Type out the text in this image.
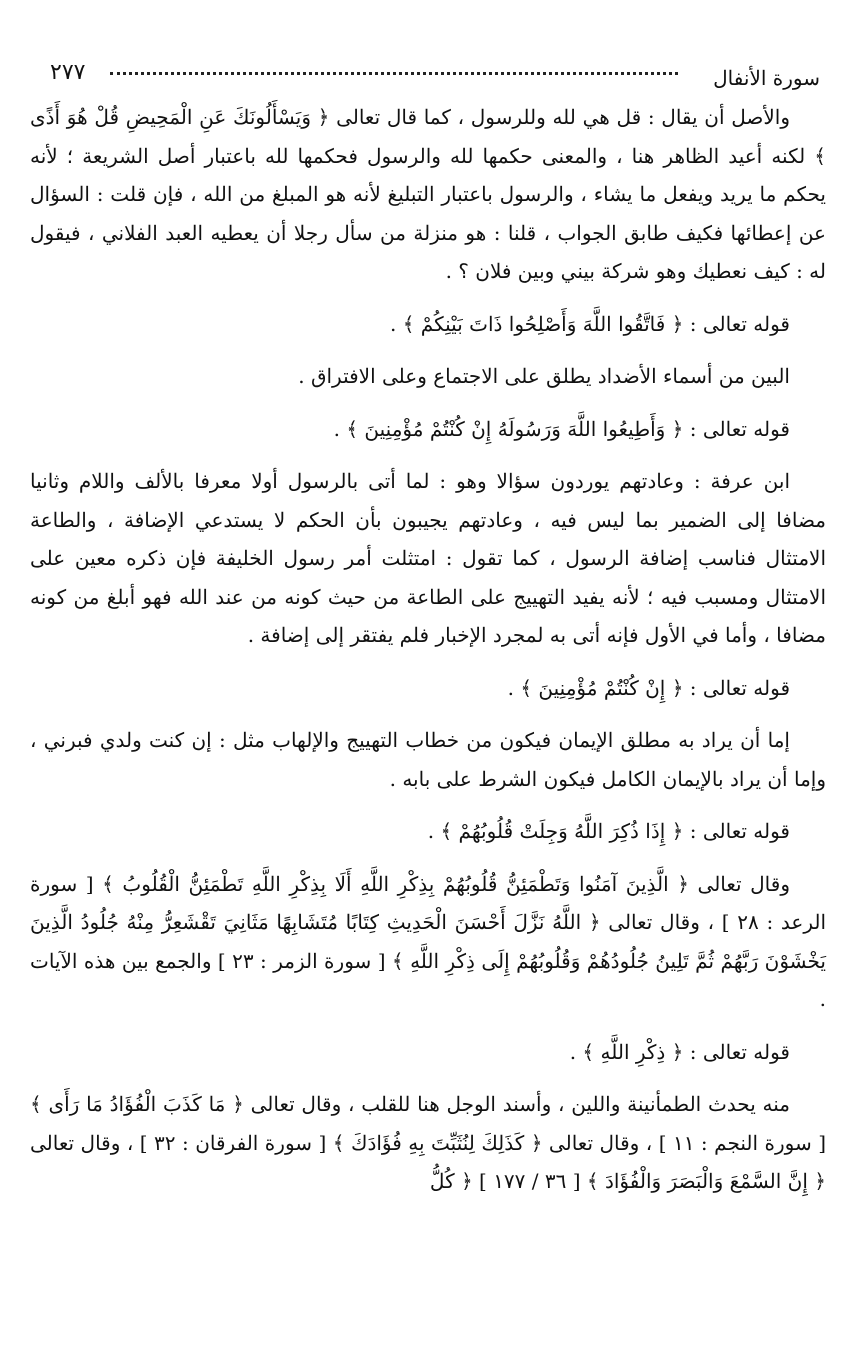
سورة الأنفال
٢٧٧

والأصل أن يقال : قل هي لله وللرسول ، كما قال تعالى ﴿ وَيَسْأَلُونَكَ عَنِ الْمَحِيضِ قُلْ هُوَ أَذًى ﴾ لكنه أعيد الظاهر هنا ، والمعنى حكمها لله والرسول فحكمها لله باعتبار أصل الشريعة ؛ لأنه يحكم ما يريد ويفعل ما يشاء ، والرسول باعتبار التبليغ لأنه هو المبلغ من الله ، فإن قلت : السؤال عن إعطائها فكيف طابق الجواب ، قلنا : هو منزلة من سأل رجلا أن يعطيه العبد الفلاني ، فيقول له : كيف نعطيك وهو شركة بيني وبين فلان ؟ .

قوله تعالى : ﴿ فَاتَّقُوا اللَّهَ وَأَصْلِحُوا ذَاتَ بَيْنِكُمْ ﴾ .

البين من أسماء الأضداد يطلق على الاجتماع وعلى الافتراق .

قوله تعالى : ﴿ وَأَطِيعُوا اللَّهَ وَرَسُولَهُ إِنْ كُنْتُمْ مُؤْمِنِينَ ﴾ .

ابن عرفة : وعادتهم يوردون سؤالا وهو : لما أتى بالرسول أولا معرفا بالألف واللام وثانيا مضافا إلى الضمير بما ليس فيه ، وعادتهم يجيبون بأن الحكم لا يستدعي الإضافة ، والطاعة الامتثال فناسب إضافة الرسول ، كما تقول : امتثلت أمر رسول الخليفة فإن ذكره معين على الامتثال ومسبب فيه ؛ لأنه يفيد التهييج على الطاعة من حيث كونه من عند الله فهو أبلغ من كونه مضافا ، وأما في الأول فإنه أتى به لمجرد الإخبار فلم يفتقر إلى إضافة .

قوله تعالى : ﴿ إِنْ كُنْتُمْ مُؤْمِنِينَ ﴾ .

إما أن يراد به مطلق الإيمان فيكون من خطاب التهييج والإلهاب مثل : إن كنت ولدي فبرني ، وإما أن يراد بالإيمان الكامل فيكون الشرط على بابه .

قوله تعالى : ﴿ إِذَا ذُكِرَ اللَّهُ وَجِلَتْ قُلُوبُهُمْ ﴾ .

وقال تعالى ﴿ الَّذِينَ آمَنُوا وَتَطْمَئِنُّ قُلُوبُهُمْ بِذِكْرِ اللَّهِ أَلَا بِذِكْرِ اللَّهِ تَطْمَئِنُّ الْقُلُوبُ ﴾ [ سورة الرعد : ٢٨ ] ، وقال تعالى ﴿ اللَّهُ نَزَّلَ أَحْسَنَ الْحَدِيثِ كِتَابًا مُتَشَابِهًا مَثَانِيَ تَقْشَعِرُّ مِنْهُ جُلُودُ الَّذِينَ يَخْشَوْنَ رَبَّهُمْ ثُمَّ تَلِينُ جُلُودُهُمْ وَقُلُوبُهُمْ إِلَى ذِكْرِ اللَّهِ ﴾ [ سورة الزمر : ٢٣ ] والجمع بين هذه الآيات .

قوله تعالى : ﴿ ذِكْرِ اللَّهِ ﴾ .

منه يحدث الطمأنينة واللين ، وأسند الوجل هنا للقلب ، وقال تعالى ﴿ مَا كَذَبَ الْفُؤَادُ مَا رَأَى ﴾ [ سورة النجم : ١١ ] ، وقال تعالى ﴿ كَذَلِكَ لِنُثَبِّتَ بِهِ فُؤَادَكَ ﴾ [ سورة الفرقان : ٣٢ ] ، وقال تعالى ﴿ إِنَّ السَّمْعَ وَالْبَصَرَ وَالْفُؤَادَ ﴾ [ ٣٦ / ١٧٧ ] ﴿ كُلُّ
